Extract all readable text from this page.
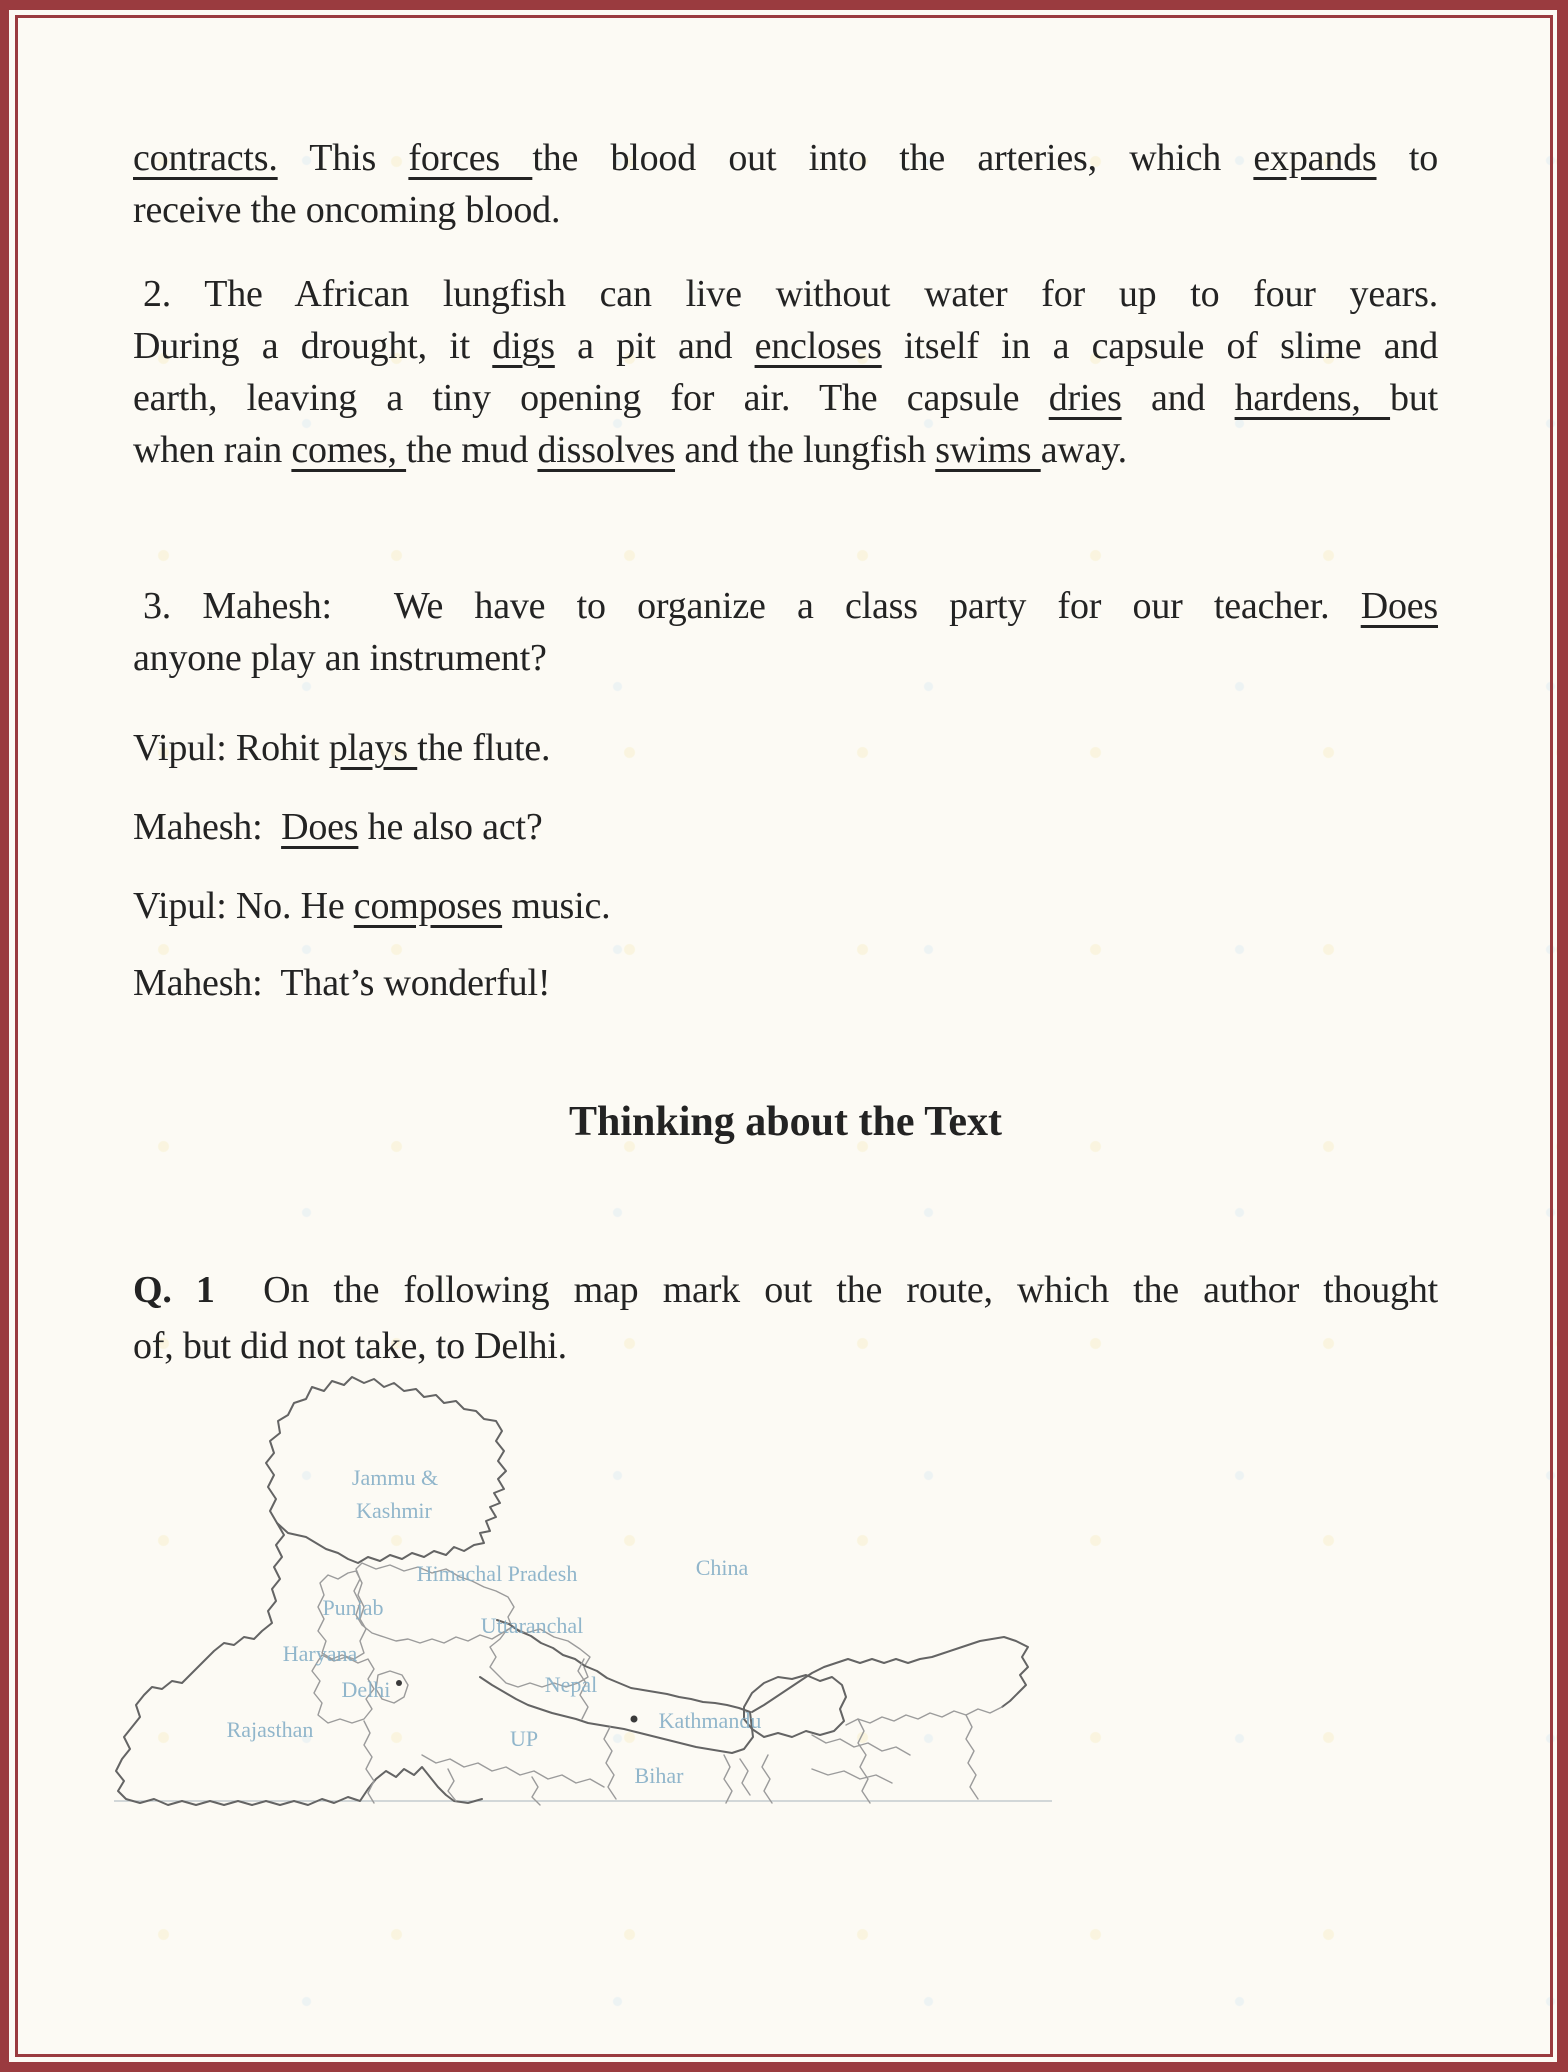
contracts. This forces the blood out into the arteries, which expands to
receive the oncoming blood.
2. The African lungfish can live without water for up to four years.
During a drought, it digs a pit and encloses itself in a capsule of slime and
earth, leaving a tiny opening for air. The capsule dries and hardens, but
when rain comes, the mud dissolves and the lungfish swims away.
3. Mahesh:  We have to organize a class party for our teacher. Does
anyone play an instrument?
Vipul: Rohit plays the flute.
Mahesh:  Does he also act?
Vipul: No. He composes music.
Mahesh:  That’s wonderful!
Thinking about the Text
Q. 1  On the following map mark out the route, which the author thought
of, but did not take, to Delhi.
Jammu &
Kashmir
Himachal Pradesh	China
Punjab
Uttaranchal
Haryana
Delhi	Nepal
Kathmandu
Rajasthan	UP
Bihar
